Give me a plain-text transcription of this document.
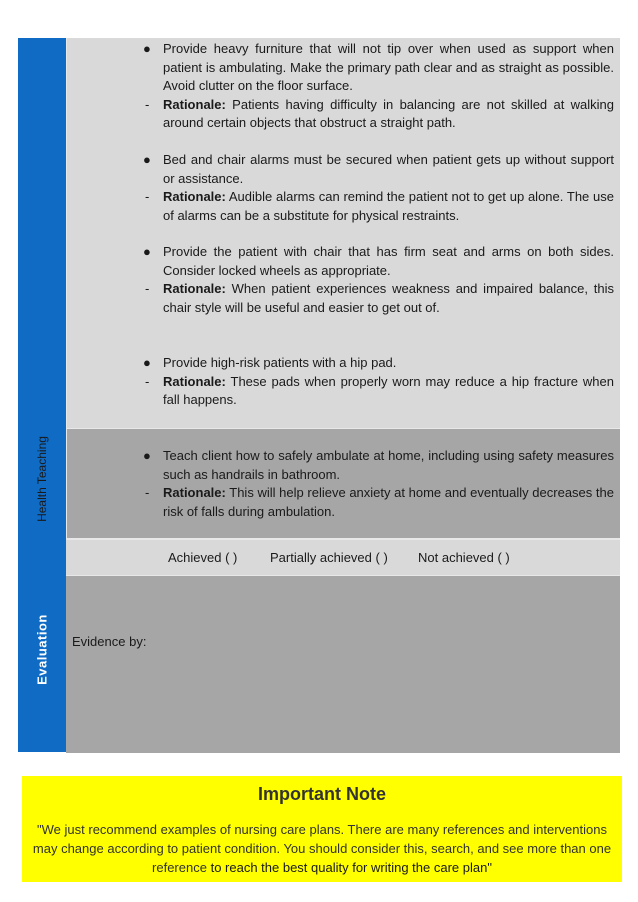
● Provide heavy furniture that will not tip over when used as support when patient is ambulating. Make the primary path clear and as straight as possible. Avoid clutter on the floor surface.
- Rationale: Patients having difficulty in balancing are not skilled at walking around certain objects that obstruct a straight path.
● Bed and chair alarms must be secured when patient gets up without support or assistance.
- Rationale: Audible alarms can remind the patient not to get up alone. The use of alarms can be a substitute for physical restraints.
● Provide the patient with chair that has firm seat and arms on both sides. Consider locked wheels as appropriate.
- Rationale: When patient experiences weakness and impaired balance, this chair style will be useful and easier to get out of.
● Provide high-risk patients with a hip pad.
- Rationale: These pads when properly worn may reduce a hip fracture when fall happens.
● Teach client how to safely ambulate at home, including using safety measures such as handrails in bathroom.
- Rationale: This will help relieve anxiety at home and eventually decreases the risk of falls during ambulation.
Health Teaching
Achieved ( )	Partially achieved ( ) Not achieved ( )
Evidence by:
Evaluation
Important Note
"We just recommend examples of nursing care plans. There are many references and interventions may change according to patient condition. You should consider this, search, and see more than one reference to reach the best quality for writing the care plan"
